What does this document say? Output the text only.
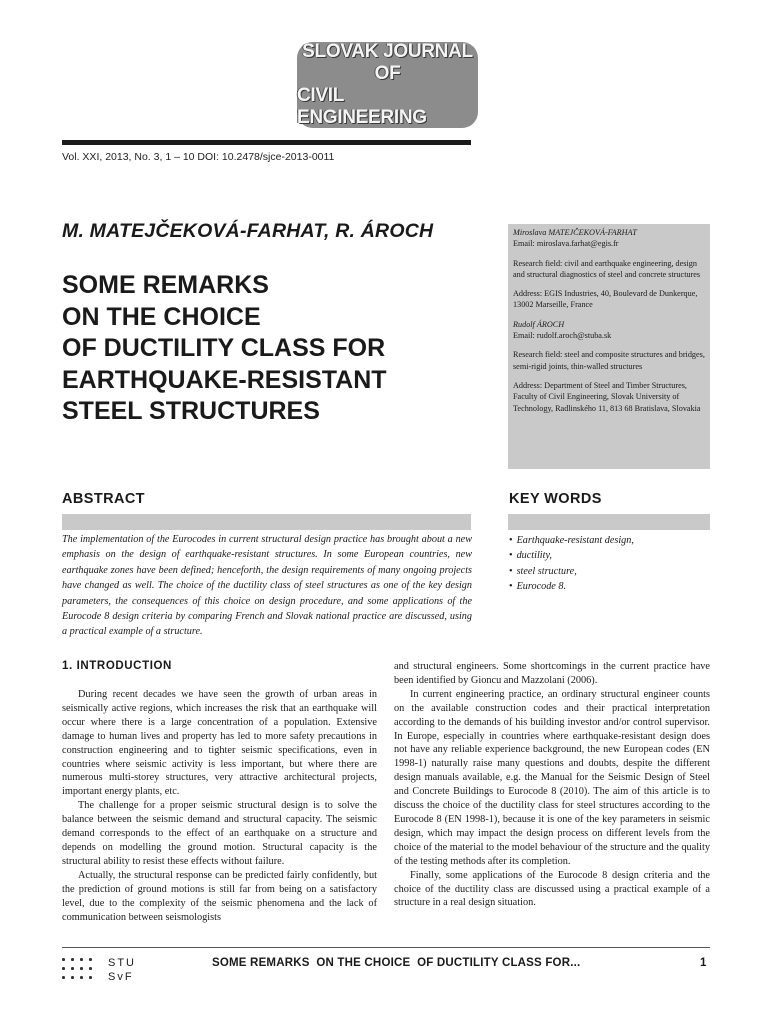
SLOVAK JOURNAL
OF
CIVIL ENGINEERING
Vol. XXI, 2013, No. 3, 1 – 10 DOI: 10.2478/sjce-2013-0011
M. MATEJČEKOVÁ-FARHAT, R. ÁROCH
SOME REMARKS
ON THE CHOICE
OF DUCTILITY CLASS FOR
EARTHQUAKE-RESISTANT
STEEL STRUCTURES

Miroslava MATEJČEKOVÁ-FARHAT
Email: miroslava.farhat@egis.fr

Research field: civil and earthquake engineering, design and structural diagnostics of steel and concrete structures

Address: EGIS Industries, 40, Boulevard de Dunkerque, 13002 Marseille, France

Rudolf ÁROCH
Email: rudolf.aroch@stuba.sk

Research field: steel and composite structures and bridges, semi-rigid joints, thin-walled structures

Address: Department of Steel and Timber Structures, Faculty of Civil Engineering, Slovak University of Technology, Radlinského 11, 813 68 Bratislava, Slovakia

ABSTRACT	KEY WORDS
The implementation of the Eurocodes in current structural design practice has brought about a new emphasis on the design of earthquake-resistant structures. In some European countries, new earthquake zones have been defined; henceforth, the design requirements of many ongoing projects have changed as well. The choice of the ductility class of steel structures as one of the key design parameters, the consequences of this choice on design procedure, and some applications of the Eurocode 8 design criteria by comparing French and Slovak national practice are discussed, using a practical example of a structure.
• Earthquake-resistant design,
• ductility,
• steel structure,
• Eurocode 8.
1. INTRODUCTION

During recent decades we have seen the growth of urban areas in seismically active regions, which increases the risk that an earthquake will occur where there is a large concentration of a population. Extensive damage to human lives and property has led to more safety precautions in construction engineering and to tighter seismic specifications, even in countries where seismic activity is less important, but where there are numerous multi-storey structures, very attractive architectural projects, important energy plants, etc.

The challenge for a proper seismic structural design is to solve the balance between the seismic demand and structural capacity. The seismic demand corresponds to the effect of an earthquake on a structure and depends on modelling the ground motion. Structural capacity is the structural ability to resist these effects without failure.

Actually, the structural response can be predicted fairly confidently, but the prediction of ground motions is still far from being on a satisfactory level, due to the complexity of the seismic phenomena and the lack of communication between seismologists

and structural engineers. Some shortcomings in the current practice have been identified by Gioncu and Mazzolani (2006).

In current engineering practice, an ordinary structural engineer counts on the available construction codes and their practical interpretation according to the demands of his building investor and/or control supervisor. In Europe, especially in countries where earthquake-resistant design does not have any reliable experience background, the new European codes (EN 1998-1) naturally raise many questions and doubts, despite the different design manuals available, e.g. the Manual for the Seismic Design of Steel and Concrete Buildings to Eurocode 8 (2010). The aim of this article is to discuss the choice of the ductility class for steel structures according to the Eurocode 8 (EN 1998-1), because it is one of the key parameters in seismic design, which may impact the design process on different levels from the choice of the material to the model behaviour of the structure and the quality of the testing methods after its completion.

Finally, some applications of the Eurocode 8 design criteria and the choice of the ductility class are discussed using a practical example of a structure in a real design situation.

STU
SvF
SOME REMARKS  ON THE CHOICE  OF DUCTILITY CLASS FOR...	1
